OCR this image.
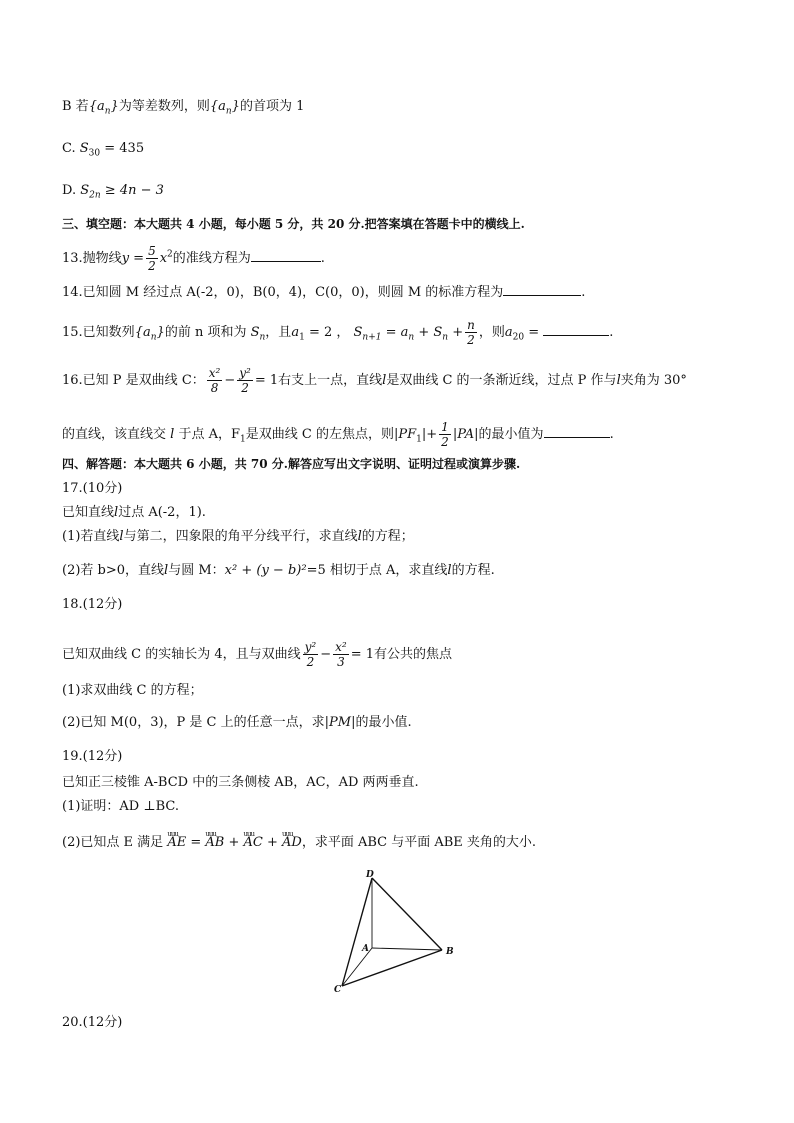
B 若$\{a_n\}$为等差数列，则$\{a_n\}$的首项为 1
C. $S_{30} = 435$
D. $S_{2n} \ge 4n - 3$
三、填空题：本大题共 4 小题，每小题 5 分，共 20 分.把答案填在答题卡中的横线上.
13.抛物线$y = \frac{5}{2} x^2$的准线方程为	.
14.已知圆 M 经过点 A(-2，0)，B(0，4)，C(0，0)，则圆 M 的标准方程为	.
15.已知数列$\{a_n\}$的前 n 项和为 $S_n$，且$a_1 = 2$ ， $S_{n+1} = a_n + S_n + \frac{n}{2}$ ，则$a_{20}$ =	.
16.已知 P 是双曲线 C： $\frac{\text{x²}}{8} - \frac{\text{y²}}{2} = 1$右支上一点，直线l是双曲线 C 的一条渐近线，过点 P 作与l夹角为 30°
的直线，该直线交 l 于点 A，$F_1$是双曲线 C 的左焦点，则$|PF_1|+ \frac{1}{2} |PA|$的最小值为	.
四、解答题：本大题共 6 小题，共 70 分.解答应写出文字说明、证明过程或演算步骤.
17.(10分)
已知直线l过点 A(-2，1).
(1)若直线l与第二，四象限的角平分线平行，求直线l的方程；
(2)若 b>0，直线l与圆 M：x² + (y − b)²=5 相切于点 A，求直线l的方程.
18.(12分)
已知双曲线 C 的实轴长为 4，且与双曲线 $\frac{\text{y²}}{2} - \frac{\text{x²}}{3} = 1$有公共的焦点
(1)求双曲线 C 的方程；
(2)已知 M(0，3)，P 是 C 上的任意一点，求|PM|的最小值.
19.(12分)
已知正三棱锥 A-BCD 中的三条侧棱 AB，AC，AD 两两垂直.
(1)证明：AD ⊥BC.
(2)已知点 E 满足 uuu AE = uuu AB + uuu AC + uuu AD，求平面 ABC 与平面 ABE 夹角的大小.
D
A	B
C
20.(12分)
